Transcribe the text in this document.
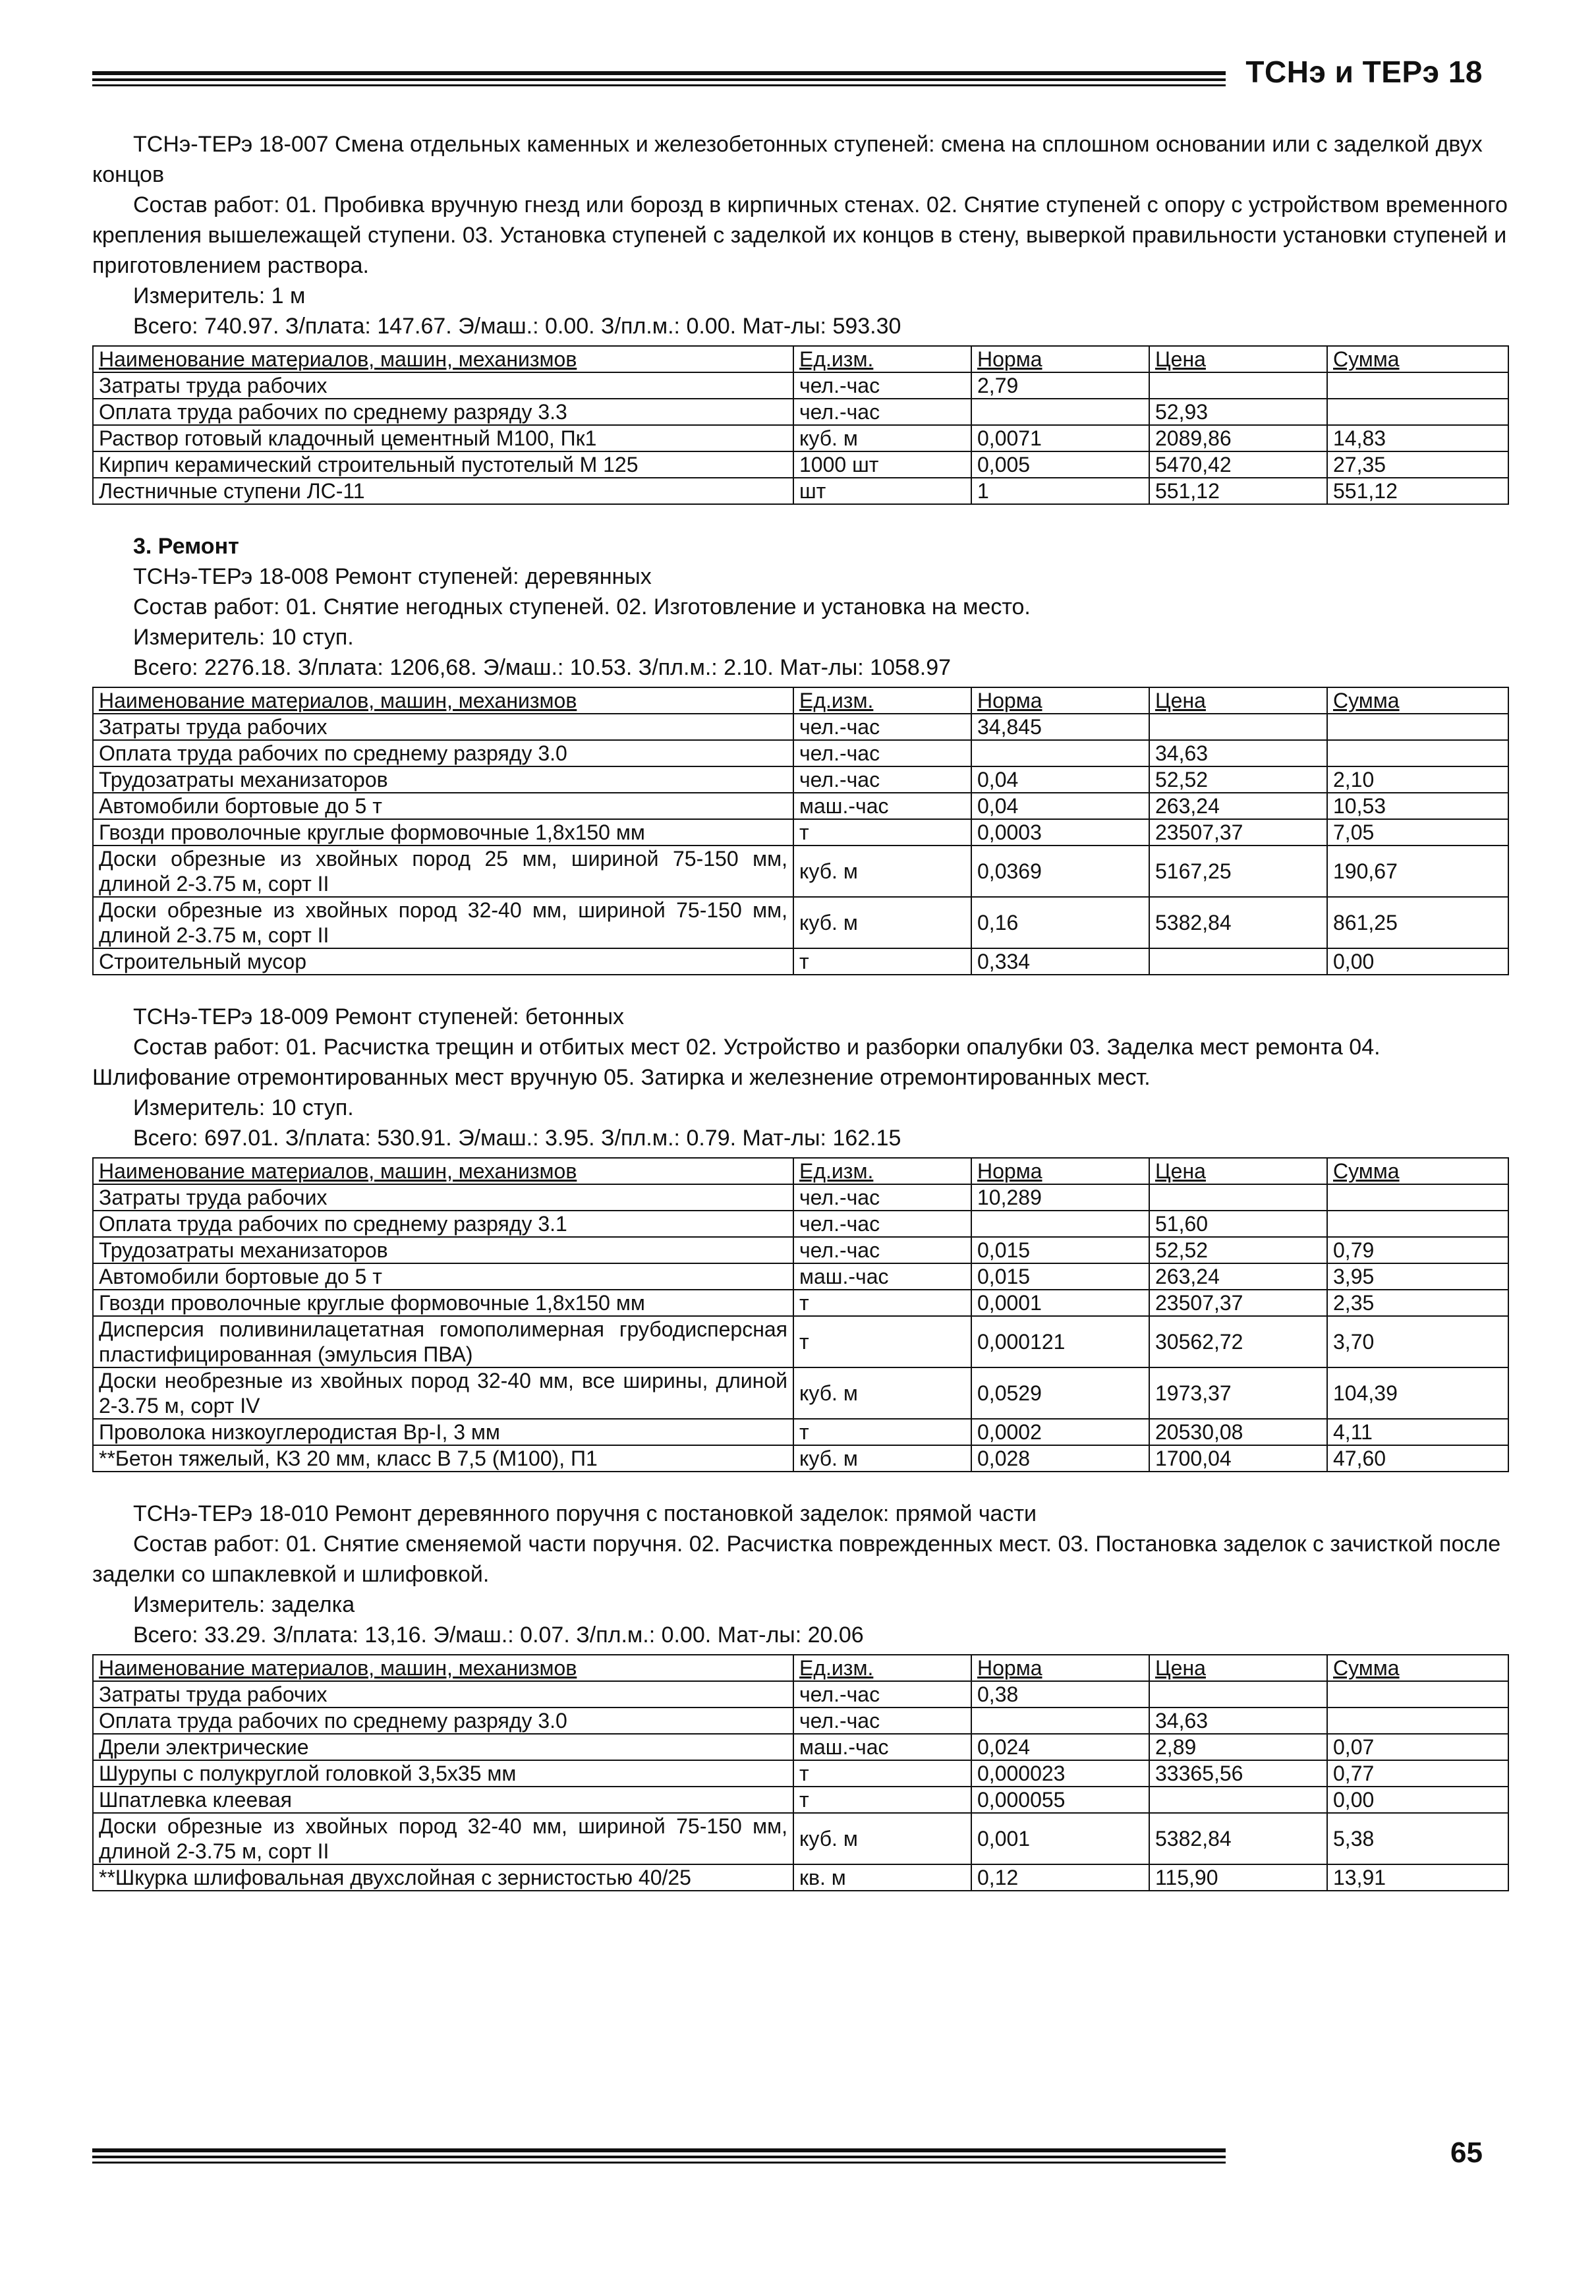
ТСНэ и ТЕРэ 18

ТСНэ-ТЕРэ 18-007 Смена отдельных каменных и железобетонных ступеней: смена на сплошном основании или с заделкой двух концов

Состав работ: 01. Пробивка вручную гнезд или борозд в кирпичных стенах. 02. Снятие ступеней с опору с устройством временного крепления вышележащей ступени. 03. Установка ступеней с заделкой их концов в стену, выверкой правильности установки ступеней и приготовлением раствора.

Измеритель: 1 м

Всего: 740.97. З/плата: 147.67. Э/маш.: 0.00. З/пл.м.: 0.00. Мат-лы: 593.30

Наименование материалов, машин, механизмов	Ед.изм.	Норма	Цена	Сумма
Затраты труда рабочих	чел.-час	2,79		
Оплата труда рабочих по среднему разряду 3.3	чел.-час		52,93	
Раствор готовый кладочный цементный М100, Пк1	куб. м	0,0071	2089,86	14,83
Кирпич керамический строительный пустотелый М 125	1000 шт	0,005	5470,42	27,35
Лестничные ступени ЛС-11	шт	1	551,12	551,12

3. Ремонт

ТСНэ-ТЕРэ 18-008 Ремонт ступеней: деревянных

Состав работ: 01. Снятие негодных ступеней. 02. Изготовление и установка на место.

Измеритель: 10 ступ.

Всего: 2276.18. З/плата: 1206,68. Э/маш.: 10.53. З/пл.м.: 2.10. Мат-лы: 1058.97

Наименование материалов, машин, механизмов	Ед.изм.	Норма	Цена	Сумма
Затраты труда рабочих	чел.-час	34,845		
Оплата труда рабочих по среднему разряду 3.0	чел.-час		34,63	
Трудозатраты механизаторов	чел.-час	0,04	52,52	2,10
Автомобили бортовые до 5 т	маш.-час	0,04	263,24	10,53
Гвозди проволочные круглые формовочные 1,8x150 мм	т	0,0003	23507,37	7,05
Доски обрезные из хвойных пород 25 мм, шириной 75-150 мм, длиной 2-3.75 м, сорт II	куб. м	0,0369	5167,25	190,67
Доски обрезные из хвойных пород 32-40 мм, шириной 75-150 мм, длиной 2-3.75 м, сорт II	куб. м	0,16	5382,84	861,25
Строительный мусор	т	0,334		0,00

ТСНэ-ТЕРэ 18-009 Ремонт ступеней: бетонных

Состав работ: 01. Расчистка трещин и отбитых мест 02. Устройство и разборки опалубки 03. Заделка мест ремонта 04. Шлифование отремонтированных мест вручную 05. Затирка и железнение отремонтированных мест.

Измеритель: 10 ступ.

Всего: 697.01. З/плата: 530.91. Э/маш.: 3.95. З/пл.м.: 0.79. Мат-лы: 162.15

Наименование материалов, машин, механизмов	Ед.изм.	Норма	Цена	Сумма
Затраты труда рабочих	чел.-час	10,289		
Оплата труда рабочих по среднему разряду 3.1	чел.-час		51,60	
Трудозатраты механизаторов	чел.-час	0,015	52,52	0,79
Автомобили бортовые до 5 т	маш.-час	0,015	263,24	3,95
Гвозди проволочные круглые формовочные 1,8x150 мм	т	0,0001	23507,37	2,35
Дисперсия поливинилацетатная гомополимерная грубодисперсная пластифицированная (эмульсия ПВА)	т	0,000121	30562,72	3,70
Доски необрезные из хвойных пород 32-40 мм, все ширины, длиной 2-3.75 м, сорт IV	куб. м	0,0529	1973,37	104,39
Проволока низкоуглеродистая Вр-I, 3 мм	т	0,0002	20530,08	4,11
**Бетон тяжелый, КЗ 20 мм, класс В 7,5 (М100), П1	куб. м	0,028	1700,04	47,60

ТСНэ-ТЕРэ 18-010 Ремонт деревянного поручня с постановкой заделок: прямой части

Состав работ: 01. Снятие сменяемой части поручня. 02. Расчистка поврежденных мест. 03. Постановка заделок с зачисткой после заделки со шпаклевкой и шлифовкой.

Измеритель: заделка

Всего: 33.29. З/плата: 13,16. Э/маш.: 0.07. З/пл.м.: 0.00. Мат-лы: 20.06

Наименование материалов, машин, механизмов	Ед.изм.	Норма	Цена	Сумма
Затраты труда рабочих	чел.-час	0,38		
Оплата труда рабочих по среднему разряду 3.0	чел.-час		34,63	
Дрели электрические	маш.-час	0,024	2,89	0,07
Шурупы с полукруглой головкой 3,5x35 мм	т	0,000023	33365,56	0,77
Шпатлевка клеевая	т	0,000055		0,00
Доски обрезные из хвойных пород 32-40 мм, шириной 75-150 мм, длиной 2-3.75 м, сорт II	куб. м	0,001	5382,84	5,38
**Шкурка шлифовальная двухслойная с зернистостью 40/25	кв. м	0,12	115,90	13,91
65
